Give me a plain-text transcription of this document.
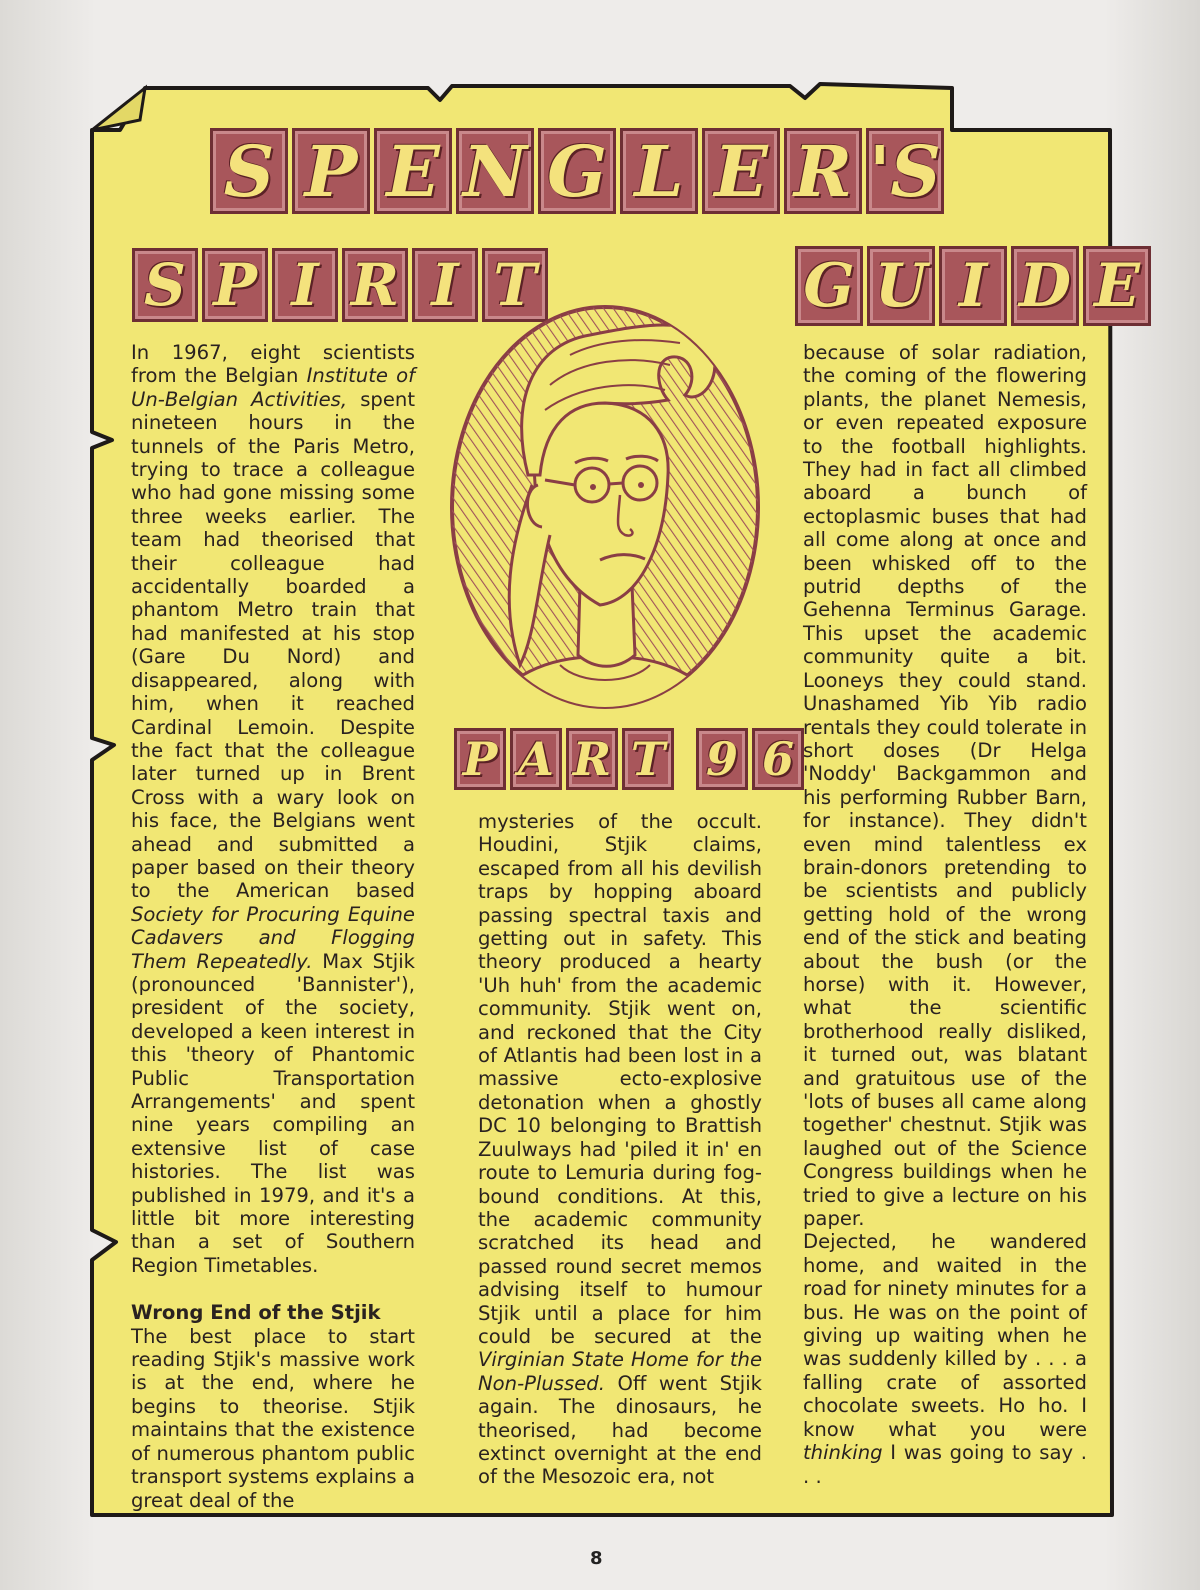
S P E N G L E R 'S
S P I R I T	G U I D E
P A R T 9 6

In 1967, eight scientists from the Belgian Institute of Un-Belgian Activities, spent nineteen hours in the tunnels of the Paris Metro, trying to trace a colleague who had gone missing some three weeks earlier. The team had theorised that their colleague had accidentally boarded a phantom Metro train that had manifested at his stop (Gare Du Nord) and disappeared, along with him, when it reached Cardinal Lemoin. Despite the fact that the colleague later turned up in Brent Cross with a wary look on his face, the Belgians went ahead and submitted a paper based on their theory to the American based Society for Procuring Equine Cadavers and Flogging Them Repeatedly. Max Stjik (pronounced 'Bannister'), president of the society, developed a keen interest in this 'theory of Phantomic Public Transportation Arrangements' and spent nine years compiling an extensive list of case histories. The list was published in 1979, and it's a little bit more interesting than a set of Southern Region Timetables.

Wrong End of the Stjik

The best place to start reading Stjik's massive work is at the end, where he begins to theorise. Stjik maintains that the existence of numerous phantom public transport systems explains a great deal of the

mysteries of the occult. Houdini, Stjik claims, escaped from all his devilish traps by hopping aboard passing spectral taxis and getting out in safety. This theory produced a hearty 'Uh huh' from the academic community. Stjik went on, and reckoned that the City of Atlantis had been lost in a massive ecto-explosive detonation when a ghostly DC 10 belonging to Brattish Zuulways had 'piled it in' en route to Lemuria during fog-bound conditions. At this, the academic community scratched its head and passed round secret memos advising itself to humour Stjik until a place for him could be secured at the Virginian State Home for the Non-Plussed. Off went Stjik again. The dinosaurs, he theorised, had become extinct overnight at the end of the Mesozoic era, not

because of solar radiation, the coming of the flowering plants, the planet Nemesis, or even repeated exposure to the football highlights. They had in fact all climbed aboard a bunch of ectoplasmic buses that had all come along at once and been whisked off to the putrid depths of the Gehenna Terminus Garage. This upset the academic community quite a bit. Looneys they could stand. Unashamed Yib Yib radio rentals they could tolerate in short doses (Dr Helga 'Noddy' Backgammon and his performing Rubber Barn, for instance). They didn't even mind talentless ex brain-donors pretending to be scientists and publicly getting hold of the wrong end of the stick and beating about the bush (or the horse) with it. However, what the scientific brotherhood really disliked, it turned out, was blatant and gratuitous use of the 'lots of buses all came along together' chestnut. Stjik was laughed out of the Science Congress buildings when he tried to give a lecture on his paper.

Dejected, he wandered home, and waited in the road for ninety minutes for a bus. He was on the point of giving up waiting when he was suddenly killed by . . . a falling crate of assorted chocolate sweets. Ho ho. I know what you were thinking I was going to say . . .

8
